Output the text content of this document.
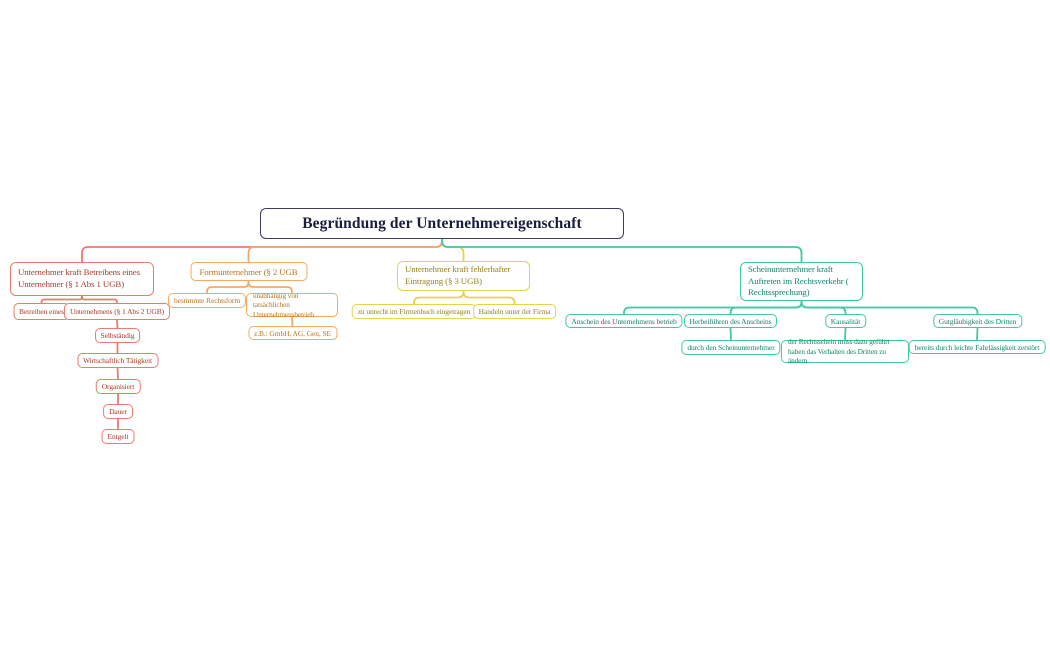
Begründung der Unternehmereigenschaft
Unternehmer kraft Betreibens eines Unternehmer (§ 1 Abs 1 UGB)
Betreiben eines Unternehmens (§ 1 Abs 2 UGB)
Selbständig
Wirtschaftlich Tätigkeit
Organisiert
Dauer
Entgelt
Formunternehmer (§ 2 UGB
bestimmte Rechtsform
unabhängig von tatsächlichen Unternehmensbetrieb
z.B.: GmbH, AG, Gen, SE
Unternehmer kraft fehlerhafter Eintragung (§ 3 UGB)
zu unrecht im Firmenbuch eingetragen	Handeln unter der Firma
Scheinunternehmer kraft Auftreten im Rechtsverkehr ( Rechtssprechung)
Anschein des Unternehmens betrieb	Herbeiführen des Anscheins
durch den Scheinunternehmer
Kausalität
der Rechtsschein muss dazu geführt haben das Verhalten des Dritten zu ändern
Gutgläubigkeit des Dritten
bereits durch leichte Fahrlässigkeit zerstört
